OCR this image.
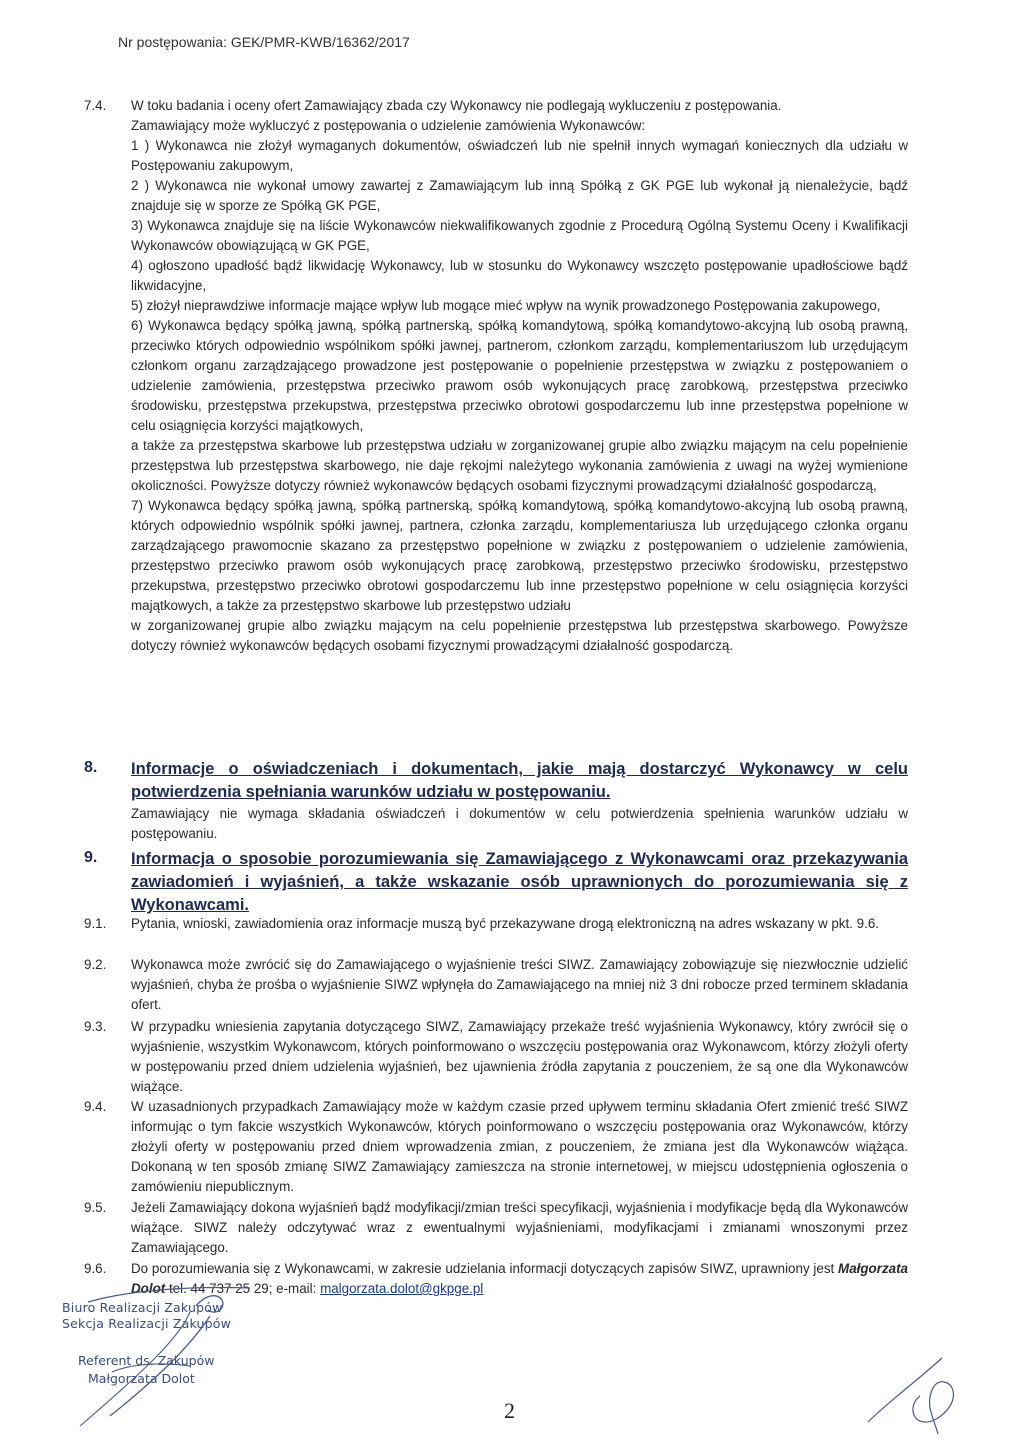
Nr postępowania: GEK/PMR-KWB/16362/2017
7.4.	W toku badania i oceny ofert Zamawiający zbada czy Wykonawcy nie podlegają wykluczeniu z postępowania.

Zamawiający może wykluczyć z postępowania o udzielenie zamówienia Wykonawców:

1 ) Wykonawca nie złożył wymaganych dokumentów, oświadczeń lub nie spełnił innych wymagań koniecznych dla udziału w Postępowaniu zakupowym,

2 ) Wykonawca nie wykonał umowy zawartej z Zamawiającym lub inną Spółką z GK PGE lub wykonał ją nienależycie, bądź znajduje się w sporze ze Spółką GK PGE,

3) Wykonawca znajduje się na liście Wykonawców niekwalifikowanych zgodnie z Procedurą Ogólną Systemu Oceny i Kwalifikacji Wykonawców obowiązującą w GK PGE,

4) ogłoszono upadłość bądź likwidację Wykonawcy, lub w stosunku do Wykonawcy wszczęto postępowanie upadłościowe bądź likwidacyjne,

5) złożył nieprawdziwe informacje mające wpływ lub mogące mieć wpływ na wynik prowadzonego Postępowania zakupowego,

6) Wykonawca będący spółką jawną, spółką partnerską, spółką komandytową, spółką komandytowo-akcyjną lub osobą prawną, przeciwko których odpowiednio wspólnikom spółki jawnej, partnerom, członkom zarządu, komplementariuszom lub urzędującym członkom organu zarządzającego prowadzone jest postępowanie o popełnienie przestępstwa w związku z postępowaniem o udzielenie zamówienia, przestępstwa przeciwko prawom osób wykonujących pracę zarobkową, przestępstwa przeciwko środowisku, przestępstwa przekupstwa, przestępstwa przeciwko obrotowi gospodarczemu lub inne przestępstwa popełnione w celu osiągnięcia korzyści majątkowych,

a także za przestępstwa skarbowe lub przestępstwa udziału w zorganizowanej grupie albo związku mającym na celu popełnienie przestępstwa lub przestępstwa skarbowego, nie daje rękojmi należytego wykonania zamówienia z uwagi na wyżej wymienione okoliczności. Powyższe dotyczy również wykonawców będących osobami fizycznymi prowadzącymi działalność gospodarczą,

7) Wykonawca będący spółką jawną, spółką partnerską, spółką komandytową, spółką komandytowo-akcyjną lub osobą prawną, których odpowiednio wspólnik spółki jawnej, partnera, członka zarządu, komplementariusza lub urzędującego członka organu zarządzającego prawomocnie skazano za przestępstwo popełnione w związku z postępowaniem o udzielenie zamówienia, przestępstwo przeciwko prawom osób wykonujących pracę zarobkową, przestępstwo przeciwko środowisku, przestępstwo przekupstwa, przestępstwo przeciwko obrotowi gospodarczemu lub inne przestępstwo popełnione w celu osiągnięcia korzyści majątkowych, a także za przestępstwo skarbowe lub przestępstwo udziału

w zorganizowanej grupie albo związku mającym na celu popełnienie przestępstwa lub przestępstwa skarbowego. Powyższe dotyczy również wykonawców będących osobami fizycznymi prowadzącymi działalność gospodarczą.

8.	Informacje o oświadczeniach i dokumentach, jakie mają dostarczyć Wykonawcy w celu potwierdzenia spełniania warunków udziału w postępowaniu.
Zamawiający nie wymaga składania oświadczeń i dokumentów w celu potwierdzenia spełnienia warunków udziału w postępowaniu.
9.	Informacja o sposobie porozumiewania się Zamawiającego z Wykonawcami oraz przekazywania zawiadomień i wyjaśnień, a także wskazanie osób uprawnionych do porozumiewania się z Wykonawcami.
9.1.	Pytania, wnioski, zawiadomienia oraz informacje muszą być przekazywane drogą elektroniczną na adres wskazany w pkt. 9.6.
9.2.	Wykonawca może zwrócić się do Zamawiającego o wyjaśnienie treści SIWZ. Zamawiający zobowiązuje się niezwłocznie udzielić wyjaśnień, chyba że prośba o wyjaśnienie SIWZ wpłynęła do Zamawiającego na mniej niż 3 dni robocze przed terminem składania ofert.
9.3.	W przypadku wniesienia zapytania dotyczącego SIWZ, Zamawiający przekaże treść wyjaśnienia Wykonawcy, który zwrócił się o wyjaśnienie, wszystkim Wykonawcom, których poinformowano o wszczęciu postępowania oraz Wykonawcom, którzy złożyli oferty w postępowaniu przed dniem udzielenia wyjaśnień, bez ujawnienia źródła zapytania z pouczeniem, że są one dla Wykonawców wiążące.
9.4.	W uzasadnionych przypadkach Zamawiający może w każdym czasie przed upływem terminu składania Ofert zmienić treść SIWZ informując o tym fakcie wszystkich Wykonawców, których poinformowano o wszczęciu postępowania oraz Wykonawców, którzy złożyli oferty w postępowaniu przed dniem wprowadzenia zmian, z pouczeniem, że zmiana jest dla Wykonawców wiążąca. Dokonaną w ten sposób zmianę SIWZ Zamawiający zamieszcza na stronie internetowej, w miejscu udostępnienia ogłoszenia o zamówieniu niepublicznym.
9.5.	Jeżeli Zamawiający dokona wyjaśnień bądź modyfikacji/zmian treści specyfikacji, wyjaśnienia i modyfikacje będą dla Wykonawców wiążące. SIWZ należy odczytywać wraz z ewentualnymi wyjaśnieniami, modyfikacjami i zmianami wnoszonymi przez Zamawiającego.
9.6.	Do porozumiewania się z Wykonawcami, w zakresie udzielania informacji dotyczących zapisów SIWZ, uprawniony jest Małgorzata Dolot tel. 44 737 25 29; e-mail: malgorzata.dolot@gkpge.pl
Biuro Realizacji Zakupów
Sekcja Realizacji Zakupów
Referent ds. Zakupów
Małgorzata Dolot
2
